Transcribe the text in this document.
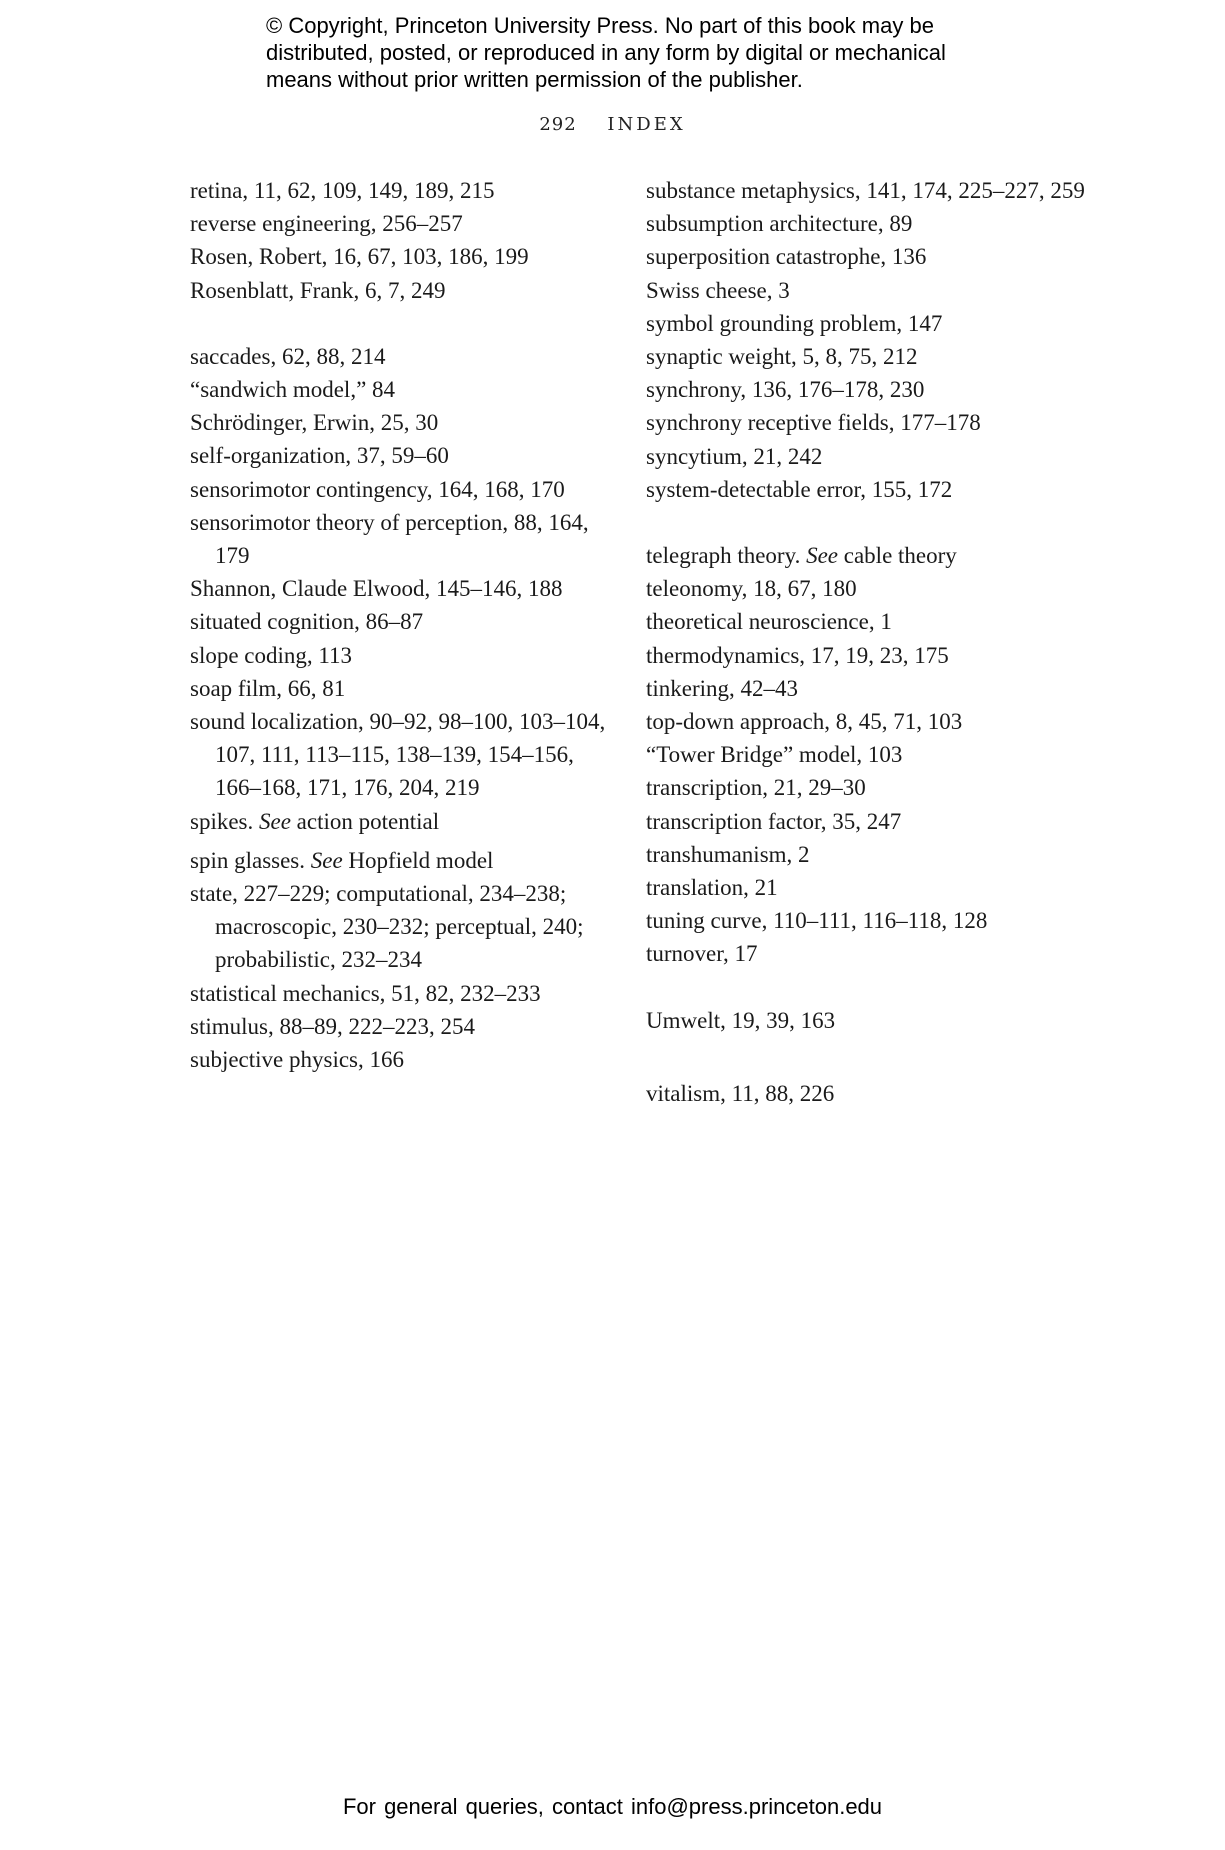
© Copyright, Princeton University Press. No part of this book may be

distributed, posted, or reproduced in any form by digital or mechanical

means without prior written permission of the publisher.

292 INDEX

retina, 11, 62, 109, 149, 189, 215

reverse engineering, 256–257

Rosen, Robert, 16, 67, 103, 186, 199

Rosenblatt, Frank, 6, 7, 249

saccades, 62, 88, 214

“sandwich model,” 84

Schrödinger, Erwin, 25, 30

self-organization, 37, 59–60

sensorimotor contingency, 164, 168, 170

sensorimotor theory of perception, 88, 164, 179

Shannon, Claude Elwood, 145–146, 188

situated cognition, 86–87

slope coding, 113

soap film, 66, 81

sound localization, 90–92, 98–100, 103–104, 107, 111, 113–115, 138–139, 154–156, 166–168, 171, 176, 204, 219

spikes. See action potential

spin glasses. See Hopfield model

state, 227–229; computational, 234–238; macroscopic, 230–232; perceptual, 240; probabilistic, 232–234

statistical mechanics, 51, 82, 232–233

stimulus, 88–89, 222–223, 254

subjective physics, 166

substance metaphysics, 141, 174, 225–227, 259

subsumption architecture, 89

superposition catastrophe, 136

Swiss cheese, 3

symbol grounding problem, 147

synaptic weight, 5, 8, 75, 212

synchrony, 136, 176–178, 230

synchrony receptive fields, 177–178

syncytium, 21, 242

system-detectable error, 155, 172

telegraph theory. See cable theory

teleonomy, 18, 67, 180

theoretical neuroscience, 1

thermodynamics, 17, 19, 23, 175

tinkering, 42–43

top-down approach, 8, 45, 71, 103

“Tower Bridge” model, 103

transcription, 21, 29–30

transcription factor, 35, 247

transhumanism, 2

translation, 21

tuning curve, 110–111, 116–118, 128

turnover, 17

Umwelt, 19, 39, 163

vitalism, 11, 88, 226

For general queries, contact info@press.princeton.edu
